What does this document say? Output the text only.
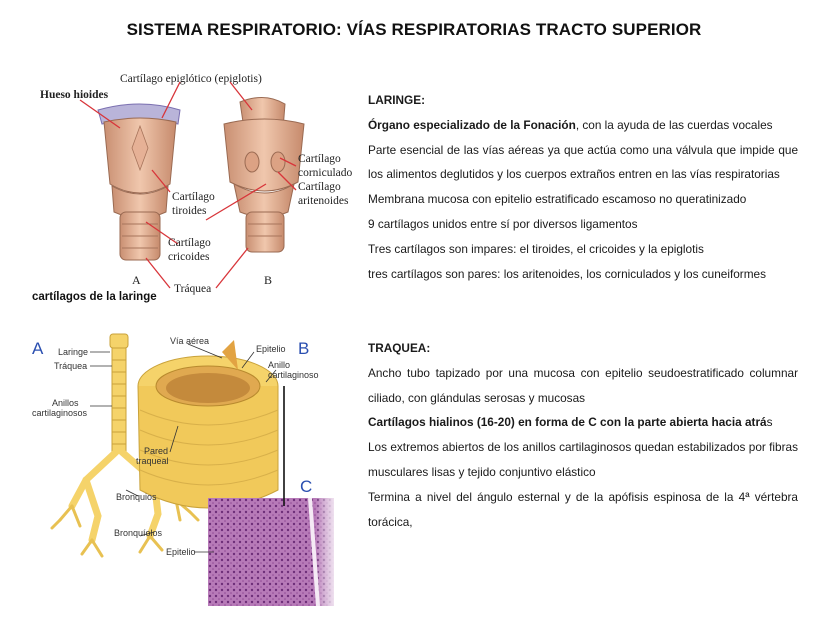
SISTEMA RESPIRATORIO: VÍAS RESPIRATORIAS TRACTO SUPERIOR
Cartílago epiglótico (epiglotis)
Hueso hioides
Cartílago
tiroides
Cartílago
cricoides
Tráquea
Cartílago
corniculado
Cartílago
aritenoides
A	B
cartílagos de la laringe
A	B
C
Laringe
Tráquea
Anillos
cartilaginosos
Vía aérea
Epitelio
Anillo
cartilaginoso
Pared
traqueal
Bronquios
Bronquíolos
Epitelio

LARINGE:

Órgano especializado de la Fonación, con la ayuda de las cuerdas vocales

Parte esencial de las vías aéreas ya que actúa como una válvula que impide que los alimentos deglutidos y los cuerpos extraños entren en las vías respiratorias

Membrana mucosa con epitelio estratificado escamoso no queratinizado

9 cartílagos unidos entre sí por diversos ligamentos

Tres cartílagos son impares: el tiroides, el cricoides y la epiglotis

tres cartílagos son pares: los aritenoides, los corniculados y los cuneiformes

TRAQUEA:

Ancho tubo tapizado por una mucosa con epitelio seudoestratificado columnar ciliado, con glándulas serosas y mucosas

Cartílagos hialinos (16-20) en forma de C con la parte abierta hacia atrás

Los extremos abiertos de los anillos cartilaginosos quedan estabilizados por fibras musculares lisas y tejido conjuntivo elástico

Termina a nivel del ángulo esternal y de la apófisis espinosa de la 4ª vértebra torácica,
